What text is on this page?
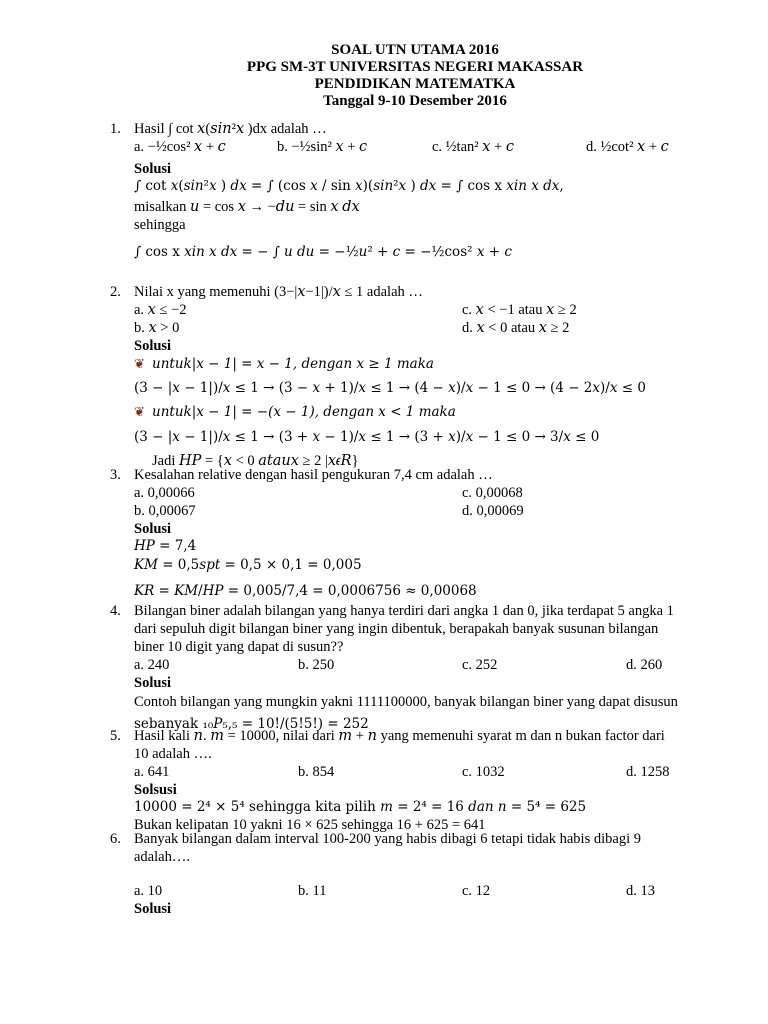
SOAL UTN UTAMA 2016
PPG SM-3T UNIVERSITAS NEGERI MAKASSAR
PENDIDIKAN MATEMATKA
Tanggal 9-10 Desember 2016
1. Hasil ∫ cot 𝑥(𝑠𝑖𝑛²𝑥 )dx adalah …
a. −½cos² 𝑥 + 𝑐	b. −½sin² 𝑥 + 𝑐	c. ½tan² 𝑥 + 𝑐	d. ½cot² 𝑥 + 𝑐
Solusi
∫ cot 𝑥(𝑠𝑖𝑛²𝑥 ) 𝑑𝑥 = ∫ (cos 𝑥 / sin 𝑥)(𝑠𝑖𝑛²𝑥 ) 𝑑𝑥 = ∫ cos x 𝑥𝑖𝑛 𝑥 𝑑𝑥,
misalkan 𝑢 = cos 𝑥 → −𝑑𝑢 = sin 𝑥 𝑑𝑥
sehingga
∫ cos x 𝑥𝑖𝑛 𝑥 𝑑𝑥 = − ∫ 𝑢 𝑑𝑢 = −½𝑢² + 𝑐 = −½cos² 𝑥 + 𝑐
2. Nilai x yang memenuhi (3−|𝑥−1|)/𝑥 ≤ 1 adalah …
a. 𝑥 ≤ −2	c. 𝑥 < −1 atau 𝑥 ≥ 2
b. 𝑥 > 0	d. 𝑥 < 0 atau 𝑥 ≥ 2
Solusi
❦ 𝑢𝑛𝑡𝑢𝑘|𝑥 − 1| = 𝑥 − 1, 𝑑𝑒𝑛𝑔𝑎𝑛 𝑥 ≥ 1 maka
(3 − |𝑥 − 1|)/𝑥 ≤ 1 → (3 − 𝑥 + 1)/𝑥 ≤ 1 → (4 − 𝑥)/𝑥 − 1 ≤ 0 → (4 − 2𝑥)/𝑥 ≤ 0
❦ 𝑢𝑛𝑡𝑢𝑘|𝑥 − 1| = −(𝑥 − 1), 𝑑𝑒𝑛𝑔𝑎𝑛 𝑥 < 1 maka
(3 − |𝑥 − 1|)/𝑥 ≤ 1 → (3 + 𝑥 − 1)/𝑥 ≤ 1 → (3 + 𝑥)/𝑥 − 1 ≤ 0 → 3/𝑥 ≤ 0
Jadi 𝐻𝑃 = {𝑥 < 0 𝑎𝑡𝑎𝑢𝑥 ≥ 2 |𝑥𝜖𝑅}
3. Kesalahan relative dengan hasil pengukuran 7,4 cm adalah …
a. 0,00066	c. 0,00068
b. 0,00067	d. 0,00069
Solusi
𝐻𝑃 = 7,4
𝐾𝑀 = 0,5𝑠𝑝𝑡 = 0,5 × 0,1 = 0,005
𝐾𝑅 = 𝐾𝑀/𝐻𝑃 = 0,005/7,4 = 0,0006756 ≈ 0,00068
4. Bilangan biner adalah bilangan yang hanya terdiri dari angka 1 dan 0, jika terdapat 5 angka 1
dari sepuluh digit bilangan biner yang ingin dibentuk, berapakah banyak susunan bilangan
biner 10 digit yang dapat di susun??
a. 240	b. 250	c. 252	d. 260
Solusi
Contoh bilangan yang mungkin yakni 1111100000, banyak bilangan biner yang dapat disusun
sebanyak ₁₀𝑃₅,₅ = 10!/(5!5!) = 252
5. Hasil kali 𝑛. 𝑚 = 10000, nilai dari 𝑚 + 𝑛 yang memenuhi syarat m dan n bukan factor dari
10 adalah ….
a. 641	b. 854	c. 1032	d. 1258
Solsusi
10000 = 2⁴ × 5⁴ sehingga kita pilih 𝑚 = 2⁴ = 16 𝑑𝑎𝑛 𝑛 = 5⁴ = 625
Bukan kelipatan 10 yakni 16 × 625 sehingga 16 + 625 = 641
6. Banyak bilangan dalam interval 100-200 yang habis dibagi 6 tetapi tidak habis dibagi 9
adalah….
a. 10	b. 11	c. 12	d. 13
Solusi
